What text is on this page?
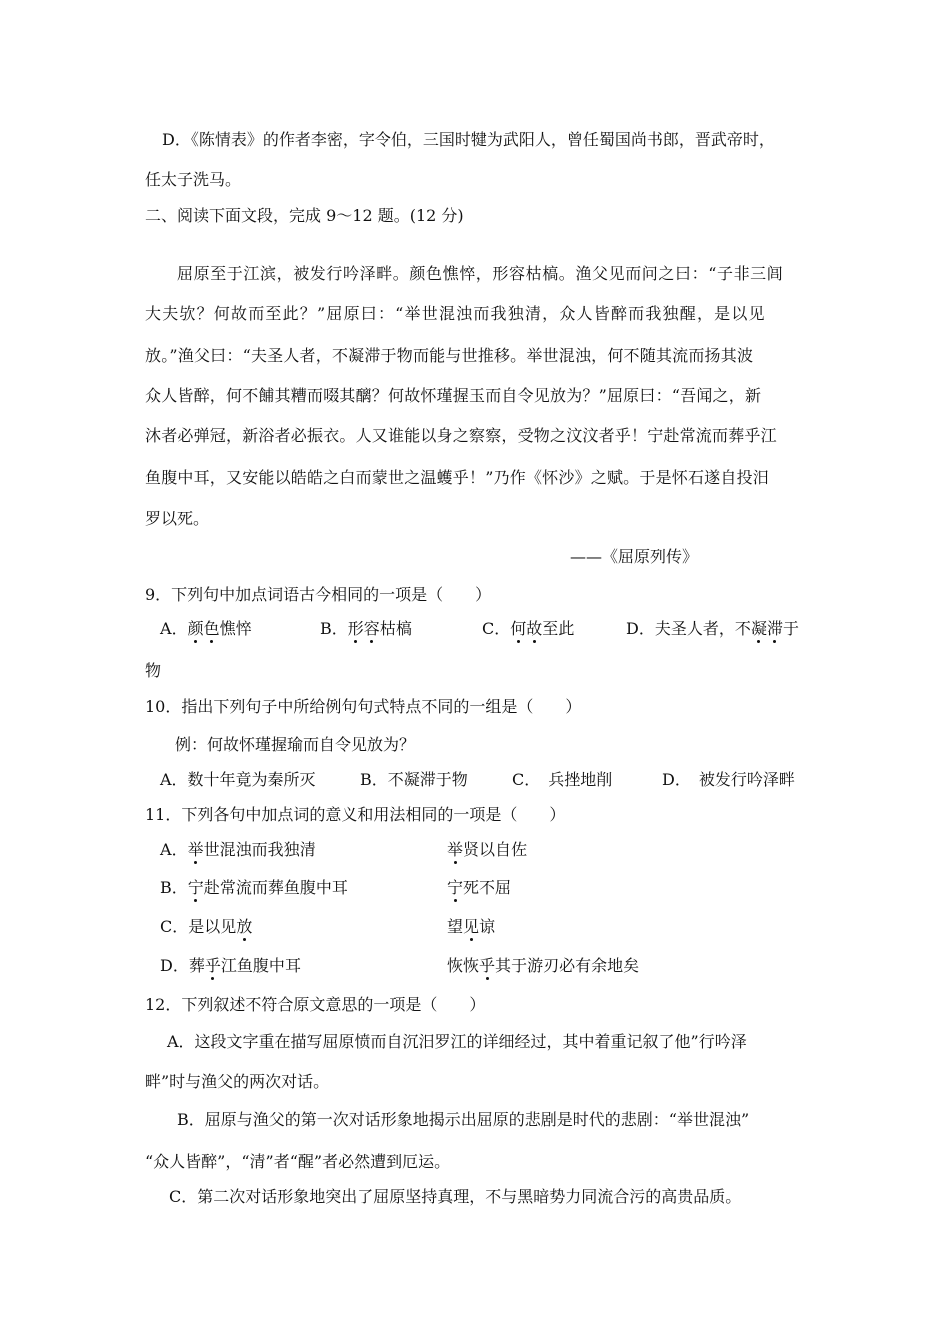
D．《陈情表》的作者李密，字令伯，三国时犍为武阳人，曾任蜀国尚书郎，晋武帝时，
任太子洗马。
二、阅读下面文段，完成 9～12 题。(12 分)
屈原至于江滨，被发行吟泽畔。颜色憔悴，形容枯槁。渔父见而问之曰：“子非三闾
大夫欤？何故而至此？”屈原曰：“举世混浊而我独清，众人皆醉而我独醒，是以见
放。”渔父曰：“夫圣人者，不凝滞于物而能与世推移。举世混浊，何不随其流而扬其波
众人皆醉，何不餔其糟而啜其醨？何故怀瑾握玉而自令见放为？”屈原曰：“吾闻之，新
沐者必弹冠，新浴者必振衣。人又谁能以身之察察，受物之汶汶者乎！宁赴常流而葬乎江
鱼腹中耳，又安能以皓皓之白而蒙世之温蠖乎！”乃作《怀沙》之赋。于是怀石遂自投汨
罗以死。
——《屈原列传》
9．下列句中加点词语古今相同的一项是（　　）
A．颜色憔悴	B．形容枯槁	C．何故至此	D．夫圣人者，不凝滞于
物
10．指出下列句子中所给例句句式特点不同的一组是（　　）
例：何故怀瑾握瑜而自令见放为？
A．数十年竟为秦所灭	B．不凝滞于物	C．　兵挫地削	D．　被发行吟泽畔
11．下列各句中加点词的意义和用法相同的一项是（　　）
A．举世混浊而我独清	举贤以自佐
B．宁赴常流而葬鱼腹中耳	宁死不屈
C．是以见放	望见谅
D．葬乎江鱼腹中耳	恢恢乎其于游刃必有余地矣
12．下列叙述不符合原文意思的一项是（　　）
A．这段文字重在描写屈原愤而自沉汨罗江的详细经过，其中着重记叙了他”行吟泽
畔”时与渔父的两次对话。
B．屈原与渔父的第一次对话形象地揭示出屈原的悲剧是时代的悲剧：“举世混浊”
“众人皆醉”，“清”者“醒”者必然遭到厄运。
C．第二次对话形象地突出了屈原坚持真理，不与黑暗势力同流合污的高贵品质。
